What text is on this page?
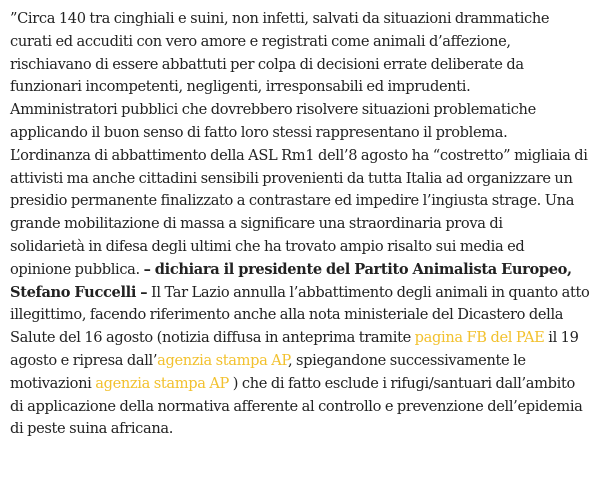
”Circa 140 tra cinghiali e suini, non infetti, salvati da situazioni drammatiche
curati ed accuditi con vero amore e registrati come animali d’affezione,
rischiavano di essere abbattuti per colpa di decisioni errate deliberate da
funzionari incompetenti, negligenti, irresponsabili ed imprudenti.
Amministratori pubblici che dovrebbero risolvere situazioni problematiche
applicando il buon senso di fatto loro stessi rappresentano il problema.
L’ordinanza di abbattimento della ASL Rm1 dell’8 agosto ha “costretto” migliaia di
attivisti ma anche cittadini sensibili provenienti da tutta Italia ad organizzare un
presidio permanente finalizzato a contrastare ed impedire l’ingiusta strage. Una
grande mobilitazione di massa a significare una straordinaria prova di
solidarietà in difesa degli ultimi che ha trovato ampio risalto sui media ed
opinione pubblica. – dichiara il presidente del Partito Animalista Europeo,
Stefano Fuccelli – Il Tar Lazio annulla l’abbattimento degli animali in quanto atto
illegittimo, facendo riferimento anche alla nota ministeriale del Dicastero della
Salute del 16 agosto (notizia diffusa in anteprima tramite pagina FB del PAE il 19
agosto e ripresa dall’agenzia stampa AP, spiegandone successivamente le
motivazioni agenzia stampa AP ) che di fatto esclude i rifugi/santuari dall’ambito
di applicazione della normativa afferente al controllo e prevenzione dell’epidemia
di peste suina africana.
